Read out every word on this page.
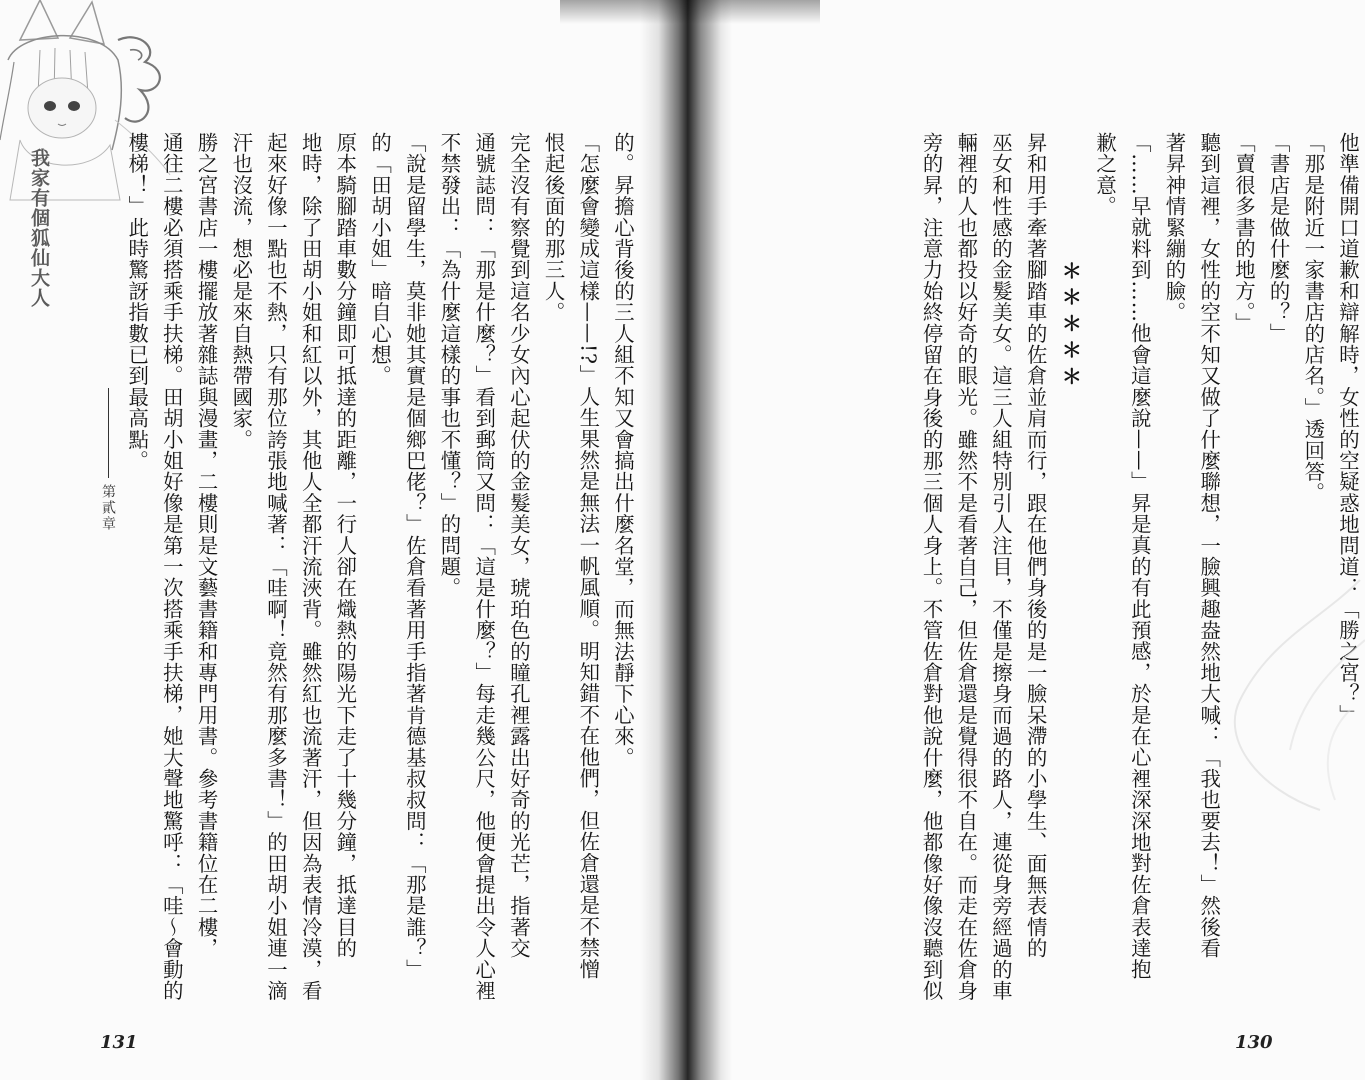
他準備開口道歉和辯解時，女性的空疑惑地問道：「勝之宮？」
「那是附近一家書店的店名。」透回答。
「書店是做什麼的？」
「賣很多書的地方。」
聽到這裡，女性的空不知又做了什麼聯想，一臉興趣盎然地大喊：「我也要去！」然後看
著昇神情緊繃的臉。
「……早就料到……他會這麼說——」昇是真的有此預感，於是在心裡深深地對佐倉表達抱
歉之意。
＊＊＊＊＊
昇和用手牽著腳踏車的佐倉並肩而行，跟在他們身後的是一臉呆滯的小學生、面無表情的
巫女和性感的金髮美女。這三人組特別引人注目，不僅是擦身而過的路人，連從身旁經過的車
輛裡的人也都投以好奇的眼光。雖然不是看著自己，但佐倉還是覺得很不自在。而走在佐倉身
旁的昇，注意力始終停留在身後的那三個人身上。不管佐倉對他說什麼，他都像好像沒聽到似
130
我家有個狐仙大人
第貳章	的。昇擔心背後的三人組不知又會搞出什麼名堂，而無法靜下心來。
「怎麼會變成這樣——!?」人生果然是無法一帆風順。明知錯不在他們，但佐倉還是不禁憎
恨起後面的那三人。
完全沒有察覺到這名少女內心起伏的金髮美女，琥珀色的瞳孔裡露出好奇的光芒，指著交
通號誌問：「那是什麼？」看到郵筒又問：「這是什麼？」每走幾公尺，他便會提出令人心裡
不禁發出：「為什麼這樣的事也不懂？」的問題。
「說是留學生，莫非她其實是個鄉巴佬？」佐倉看著用手指著肯德基叔叔問：「那是誰？」
的「田胡小姐」暗自心想。
原本騎腳踏車數分鐘即可抵達的距離，一行人卻在熾熱的陽光下走了十幾分鐘，抵達目的
地時，除了田胡小姐和紅以外，其他人全都汗流浹背。雖然紅也流著汗，但因為表情冷漠，看
起來好像一點也不熱，只有那位誇張地喊著：「哇啊！竟然有那麼多書！」的田胡小姐連一滴
汗也沒流，想必是來自熱帶國家。
勝之宮書店一樓擺放著雜誌與漫畫，二樓則是文藝書籍和專門用書。參考書籍位在二樓，
通往二樓必須搭乘手扶梯。田胡小姐好像是第一次搭乘手扶梯，她大聲地驚呼：「哇～會動的
樓梯！」此時驚訝指數已到最高點。
131
